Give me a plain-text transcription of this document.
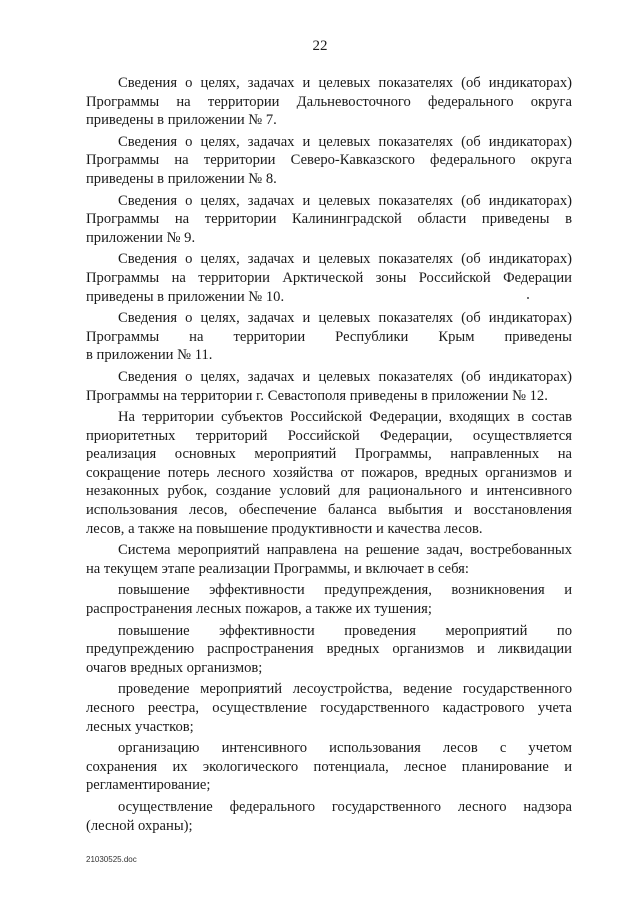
22
Сведения о целях, задачах и целевых показателях (об индикаторах)
Программы на территории Дальневосточного федерального округа
приведены в приложении № 7.
Сведения о целях, задачах и целевых показателях (об индикаторах)
Программы на территории Северо-Кавказского федерального округа
приведены в приложении № 8.
Сведения о целях, задачах и целевых показателях (об индикаторах)
Программы на территории Калининградской области приведены в
приложении № 9.
Сведения о целях, задачах и целевых показателях (об индикаторах)
Программы на территории Арктической зоны Российской Федерации
приведены в приложении № 10.
Сведения о целях, задачах и целевых показателях (об индикаторах)
Программы на территории Республики Крым приведены
в приложении № 11.
Сведения о целях, задачах и целевых показателях (об индикаторах)
Программы на территории г. Севастополя приведены в приложении № 12.
На территории субъектов Российской Федерации, входящих в состав
приоритетных территорий Российской Федерации, осуществляется
реализация основных мероприятий Программы, направленных на
сокращение потерь лесного хозяйства от пожаров, вредных организмов и
незаконных рубок, создание условий для рационального и интенсивного
использования лесов, обеспечение баланса выбытия и восстановления
лесов, а также на повышение продуктивности и качества лесов.
Система мероприятий направлена на решение задач, востребованных
на текущем этапе реализации Программы, и включает в себя:
повышение эффективности предупреждения, возникновения и
распространения лесных пожаров, а также их тушения;
повышение эффективности проведения мероприятий по
предупреждению распространения вредных организмов и ликвидации
очагов вредных организмов;
проведение мероприятий лесоустройства, ведение государственного
лесного реестра, осуществление государственного кадастрового учета
лесных участков;
организацию интенсивного использования лесов с учетом
сохранения их экологического потенциала, лесное планирование и
регламентирование;
осуществление федерального государственного лесного надзора
(лесной охраны);
21030525.doc
